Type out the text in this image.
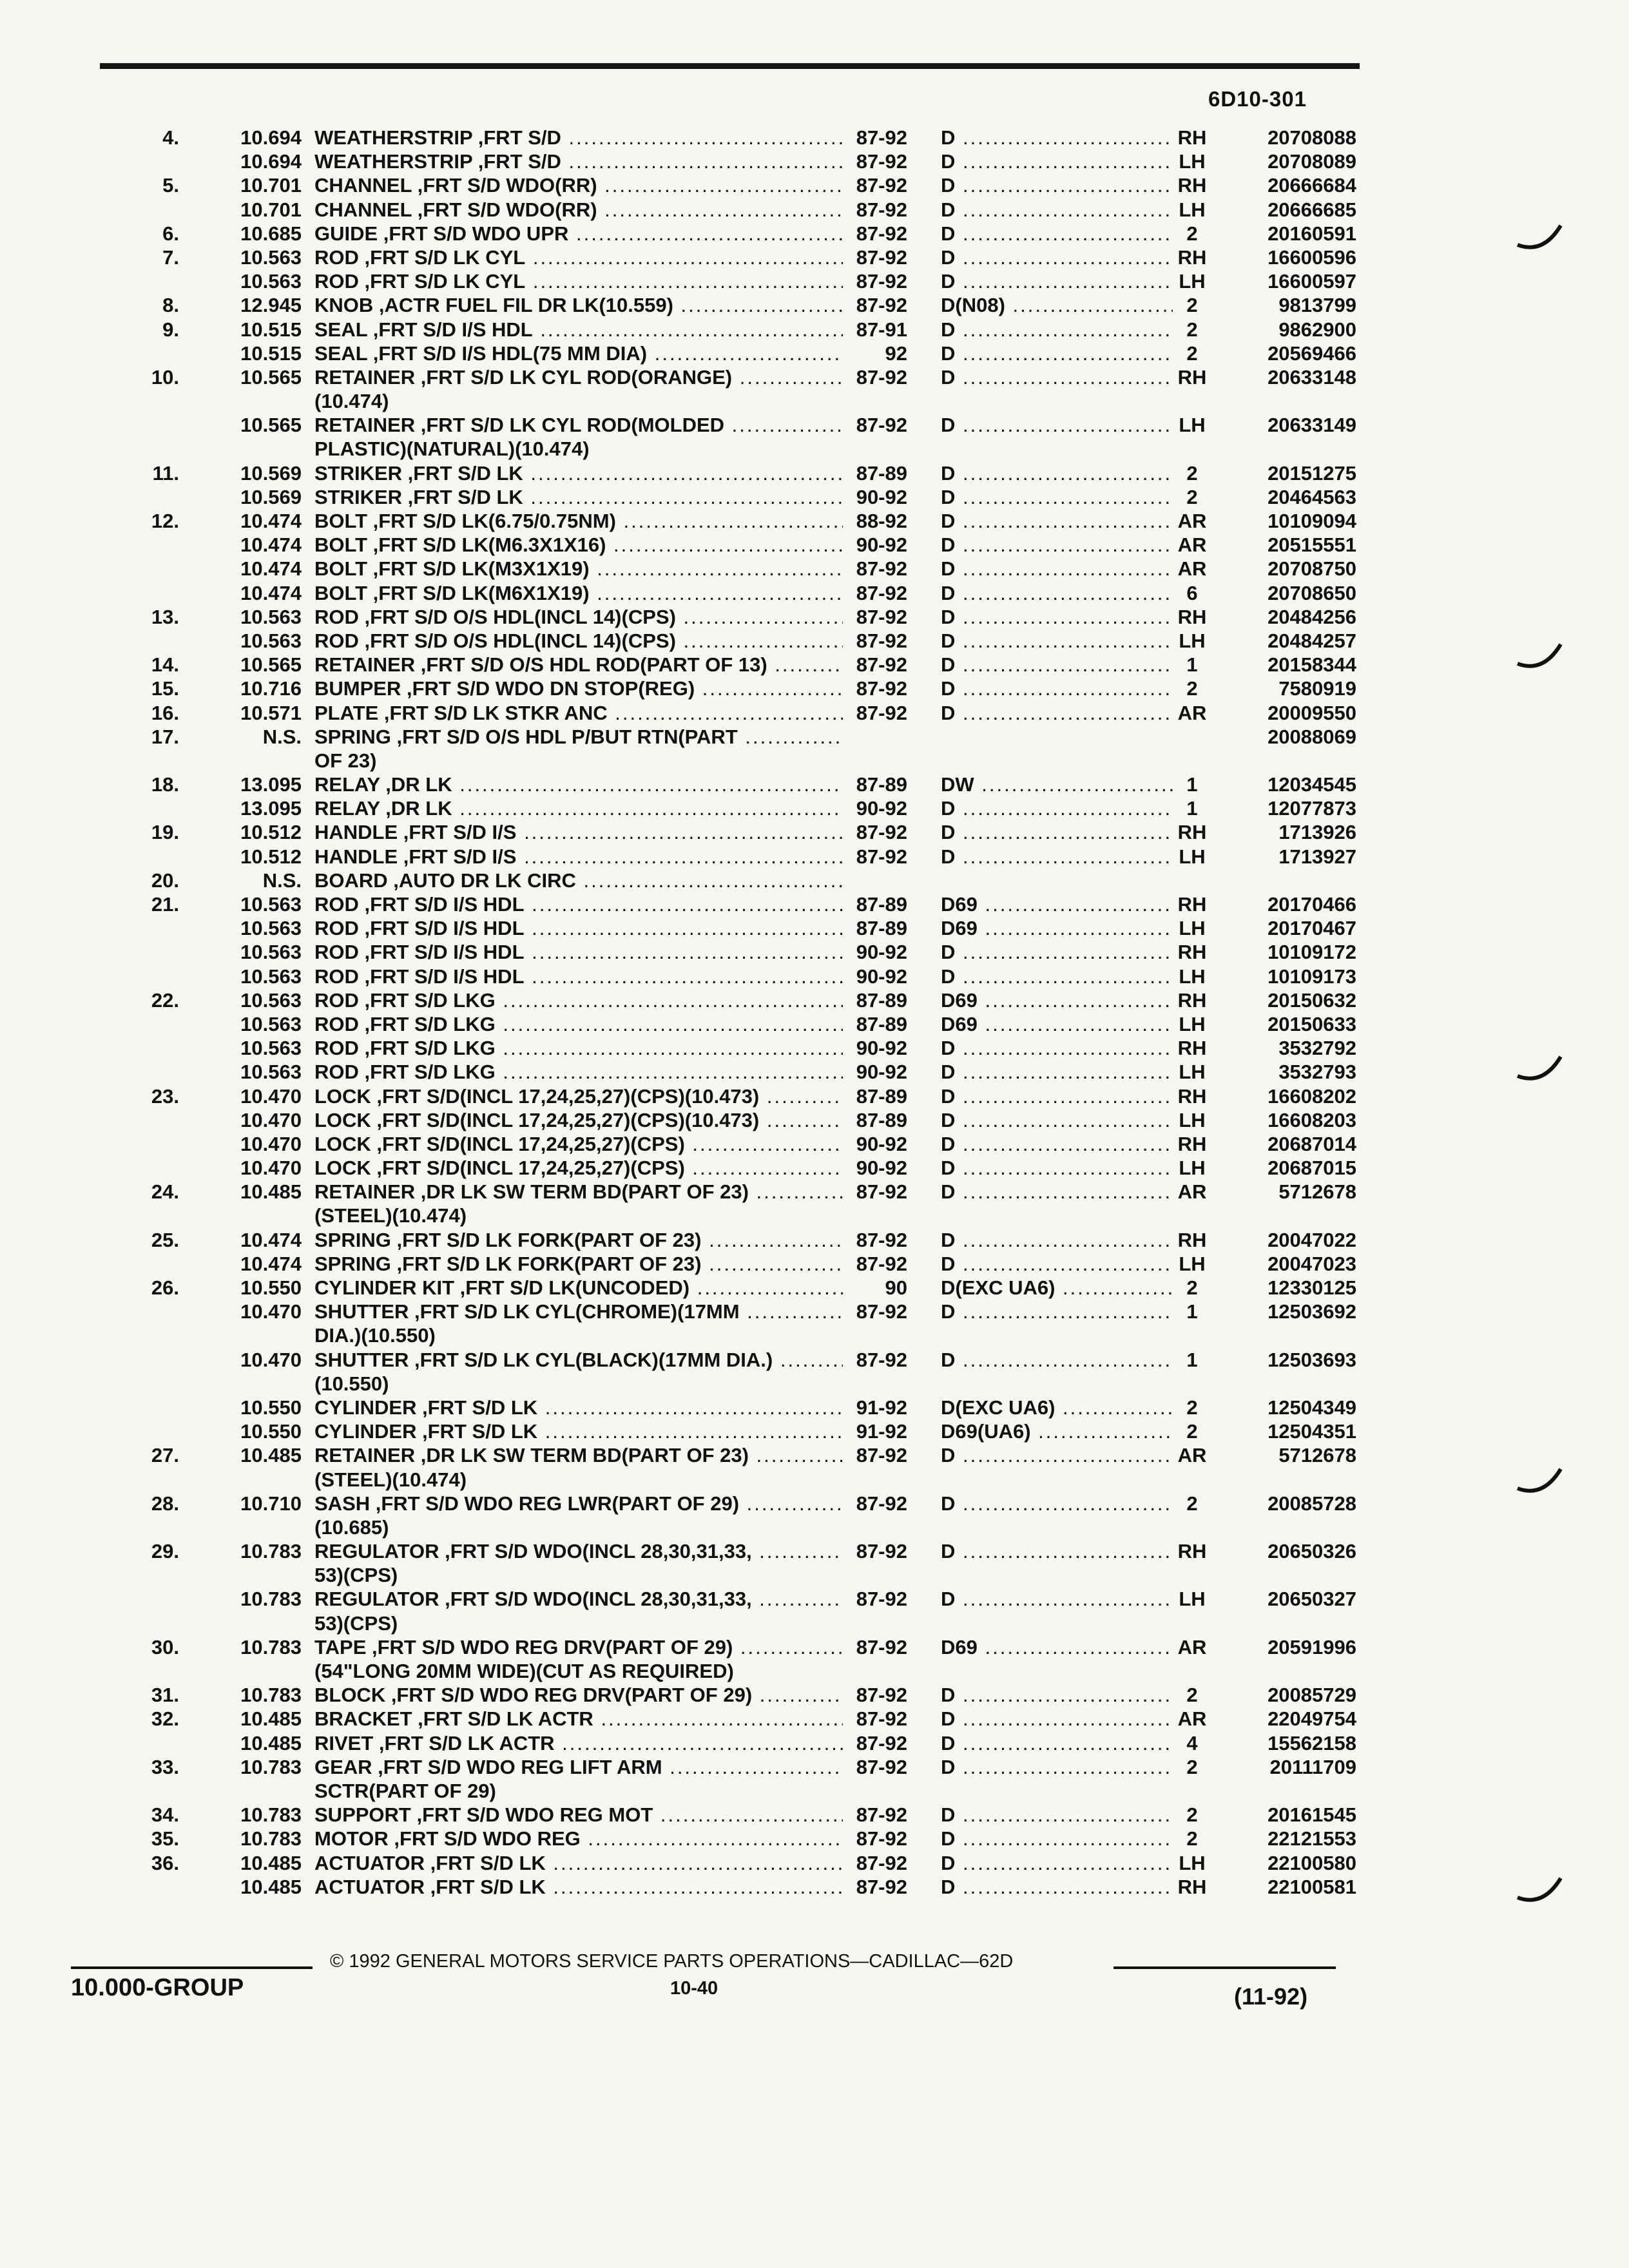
6D10-301
4.	10.694 WEATHERSTRIP ,FRT S/D .....	87-92 D .....	RH	20708088
10.694 WEATHERSTRIP ,FRT S/D .....	87-92 D .....	LH	20708089
5.	10.701 CHANNEL ,FRT S/D WDO(RR) .....	87-92 D .....	RH	20666684
10.701 CHANNEL ,FRT S/D WDO(RR) .....	87-92 D .....	LH	20666685
6.	10.685 GUIDE ,FRT S/D WDO UPR .....	87-92 D .....	2	20160591
7.	10.563 ROD ,FRT S/D LK CYL .....	87-92 D .....	RH	16600596
10.563 ROD ,FRT S/D LK CYL .....	87-92 D .....	LH	16600597
8.	12.945 KNOB ,ACTR FUEL FIL DR LK(10.559) .....	87-92 D(N08) .....	2	9813799
9.	10.515 SEAL ,FRT S/D I/S HDL .....	87-91 D .....	2	9862900
10.515 SEAL ,FRT S/D I/S HDL(75 MM DIA) .....	92 D .....	2	20569466
10.	10.565 RETAINER ,FRT S/D LK CYL ROD(ORANGE) .....	87-92 D .....	RH	20633148
(10.474)
10.565 RETAINER ,FRT S/D LK CYL ROD(MOLDED .....	87-92 D .....	LH	20633149
PLASTIC)(NATURAL)(10.474)
11.	10.569 STRIKER ,FRT S/D LK .....	87-89 D .....	2	20151275
10.569 STRIKER ,FRT S/D LK .....	90-92 D .....	2	20464563
12.	10.474 BOLT ,FRT S/D LK(6.75/0.75NM) .....	88-92 D .....	AR	10109094
10.474 BOLT ,FRT S/D LK(M6.3X1X16) .....	90-92 D .....	AR	20515551
10.474 BOLT ,FRT S/D LK(M3X1X19) .....	87-92 D .....	AR	20708750
10.474 BOLT ,FRT S/D LK(M6X1X19) .....	87-92 D .....	6	20708650
13.	10.563 ROD ,FRT S/D O/S HDL(INCL 14)(CPS) .....	87-92 D .....	RH	20484256
10.563 ROD ,FRT S/D O/S HDL(INCL 14)(CPS) .....	87-92 D .....	LH	20484257
14.	10.565 RETAINER ,FRT S/D O/S HDL ROD(PART OF 13) .....	87-92 D .....	1	20158344
15.	10.716 BUMPER ,FRT S/D WDO DN STOP(REG) .....	87-92 D .....	2	7580919
16.	10.571 PLATE ,FRT S/D LK STKR ANC .....	87-92 D .....	AR	20009550
17.	N.S. SPRING ,FRT S/D O/S HDL P/BUT RTN(PART .....	20088069
OF 23)
18.	13.095 RELAY ,DR LK .....	87-89 DW .....	1	12034545
13.095 RELAY ,DR LK .....	90-92 D .....	1	12077873
19.	10.512 HANDLE ,FRT S/D I/S .....	87-92 D .....	RH	1713926
10.512 HANDLE ,FRT S/D I/S .....	87-92 D .....	LH	1713927
20.	N.S. BOARD ,AUTO DR LK CIRC .....
21.	10.563 ROD ,FRT S/D I/S HDL .....	87-89 D69 .....	RH	20170466
10.563 ROD ,FRT S/D I/S HDL .....	87-89 D69 .....	LH	20170467
10.563 ROD ,FRT S/D I/S HDL .....	90-92 D .....	RH	10109172
10.563 ROD ,FRT S/D I/S HDL .....	90-92 D .....	LH	10109173
22.	10.563 ROD ,FRT S/D LKG .....	87-89 D69 .....	RH	20150632
10.563 ROD ,FRT S/D LKG .....	87-89 D69 .....	LH	20150633
10.563 ROD ,FRT S/D LKG .....	90-92 D .....	RH	3532792
10.563 ROD ,FRT S/D LKG .....	90-92 D .....	LH	3532793
23.	10.470 LOCK ,FRT S/D(INCL 17,24,25,27)(CPS)(10.473) .....	87-89 D .....	RH	16608202
10.470 LOCK ,FRT S/D(INCL 17,24,25,27)(CPS)(10.473) .....	87-89 D .....	LH	16608203
10.470 LOCK ,FRT S/D(INCL 17,24,25,27)(CPS) .....	90-92 D .....	RH	20687014
10.470 LOCK ,FRT S/D(INCL 17,24,25,27)(CPS) .....	90-92 D .....	LH	20687015
24.	10.485 RETAINER ,DR LK SW TERM BD(PART OF 23) .....	87-92 D .....	AR	5712678
(STEEL)(10.474)
25.	10.474 SPRING ,FRT S/D LK FORK(PART OF 23) .....	87-92 D .....	RH	20047022
10.474 SPRING ,FRT S/D LK FORK(PART OF 23) .....	87-92 D .....	LH	20047023
26.	10.550 CYLINDER KIT ,FRT S/D LK(UNCODED) .....	90 D(EXC UA6) .....	2	12330125
10.470 SHUTTER ,FRT S/D LK CYL(CHROME)(17MM .....	87-92 D .....	1	12503692
DIA.)(10.550)
10.470 SHUTTER ,FRT S/D LK CYL(BLACK)(17MM DIA.) .....	87-92 D .....	1	12503693
(10.550)
10.550 CYLINDER ,FRT S/D LK .....	91-92 D(EXC UA6) .....	2	12504349
10.550 CYLINDER ,FRT S/D LK .....	91-92 D69(UA6) .....	2	12504351
27.	10.485 RETAINER ,DR LK SW TERM BD(PART OF 23) .....	87-92 D .....	AR	5712678
(STEEL)(10.474)
28.	10.710 SASH ,FRT S/D WDO REG LWR(PART OF 29) .....	87-92 D .....	2	20085728
(10.685)
29.	10.783 REGULATOR ,FRT S/D WDO(INCL 28,30,31,33, .....	87-92 D .....	RH	20650326
53)(CPS)
10.783 REGULATOR ,FRT S/D WDO(INCL 28,30,31,33, .....	87-92 D .....	LH	20650327
53)(CPS)
30.	10.783 TAPE ,FRT S/D WDO REG DRV(PART OF 29) .....	87-92 D69 .....	AR	20591996
(54"LONG 20MM WIDE)(CUT AS REQUIRED)
31.	10.783 BLOCK ,FRT S/D WDO REG DRV(PART OF 29) .....	87-92 D .....	2	20085729
32.	10.485 BRACKET ,FRT S/D LK ACTR .....	87-92 D .....	AR	22049754
10.485 RIVET ,FRT S/D LK ACTR .....	87-92 D .....	4	15562158
33.	10.783 GEAR ,FRT S/D WDO REG LIFT ARM .....	87-92 D .....	2	20111709
SCTR(PART OF 29)
34.	10.783 SUPPORT ,FRT S/D WDO REG MOT .....	87-92 D .....	2	20161545
35.	10.783 MOTOR ,FRT S/D WDO REG .....	87-92 D .....	2	22121553
36.	10.485 ACTUATOR ,FRT S/D LK .....	87-92 D .....	LH	22100580
10.485 ACTUATOR ,FRT S/D LK .....	87-92 D .....	RH	22100581
10.000-GROUP
© 1992 GENERAL MOTORS SERVICE PARTS OPERATIONS—CADILLAC—62D
10-40	(11-92)
